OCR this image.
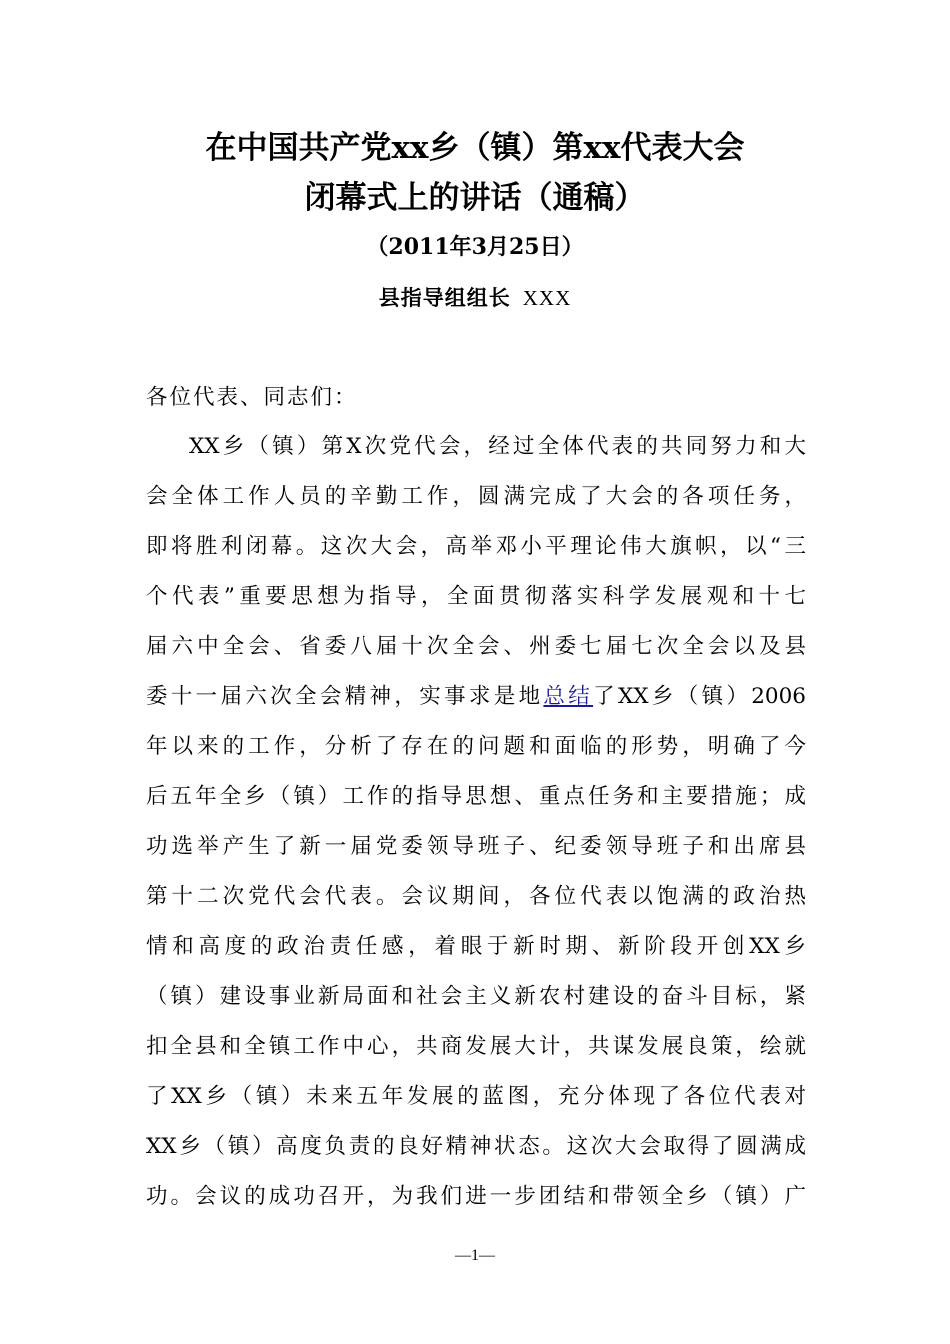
在中国共产党xx乡（镇）第xx代表大会
闭幕式上的讲话（通稿）
（2011年3月25日）
县指导组组长 XXX
各位代表、同志们：
XX乡（镇）第X次党代会，经过全体代表的共同努力和大
会全体工作人员的辛勤工作，圆满完成了大会的各项任务，
即将胜利闭幕。这次大会，高举邓小平理论伟大旗帜，以“三
个代表”重要思想为指导，全面贯彻落实科学发展观和十七
届六中全会、省委八届十次全会、州委七届七次全会以及县
委十一届六次全会精神，实事求是地总结了XX乡（镇）2006
年以来的工作，分析了存在的问题和面临的形势，明确了今
后五年全乡（镇）工作的指导思想、重点任务和主要措施；成
功选举产生了新一届党委领导班子、纪委领导班子和出席县
第十二次党代会代表。会议期间，各位代表以饱满的政治热
情和高度的政治责任感，着眼于新时期、新阶段开创XX乡
（镇）建设事业新局面和社会主义新农村建设的奋斗目标，紧
扣全县和全镇工作中心，共商发展大计，共谋发展良策，绘就
了XX乡（镇）未来五年发展的蓝图，充分体现了各位代表对
XX乡（镇）高度负责的良好精神状态。这次大会取得了圆满成
功。会议的成功召开，为我们进一步团结和带领全乡（镇）广
—1—
